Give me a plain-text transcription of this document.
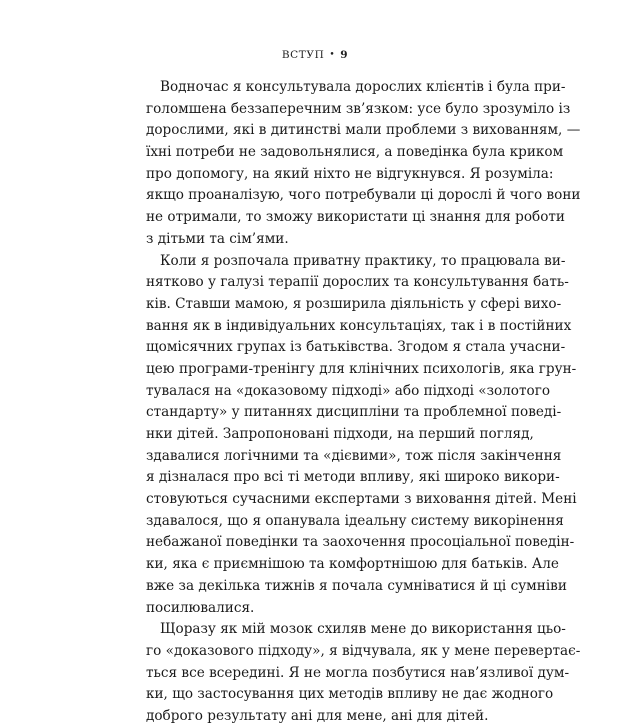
ВСТУП • 9
Водночас я консультувала дорослих клієнтів і була при-
голомшена беззаперечним зв’язком: усе було зрозуміло із
дорослими, які в дитинстві мали проблеми з вихованням, —
їхні потреби не задовольнялися, а поведінка була криком
про допомогу, на який ніхто не відгукнувся. Я розуміла:
якщо проаналізую, чого потребували ці дорослі й чого вони
не отримали, то зможу використати ці знання для роботи
з дітьми та сім’ями.
Коли я розпочала приватну практику, то працювала ви-
нятково у галузі терапії дорослих та консультування бать-
ків. Ставши мамою, я розширила діяльність у сфері вихо-
вання як в індивідуальних консультаціях, так і в постійних
щомісячних групах із батьківства. Згодом я стала учасни-
цею програми-тренінгу для клінічних психологів, яка грун-
тувалася на «доказовому підході» або підході «золотого
стандарту» у питаннях дисципліни та проблемної поведі-
нки дітей. Запропоновані підходи, на перший погляд,
здавалися логічними та «дієвими», тож після закінчення
я дізналася про всі ті методи впливу, які широко викори-
стовуються сучасними експертами з виховання дітей. Мені
здавалося, що я опанувала ідеальну систему викорінення
небажаної поведінки та заохочення просоціальної поведін-
ки, яка є приємнішою та комфортнішою для батьків. Але
вже за декілька тижнів я почала сумніватися й ці сумніви
посилювалися.
Щоразу як мій мозок схиляв мене до використання цьо-
го «доказового підходу», я відчувала, як у мене перевертає-
ться все всередині. Я не могла позбутися нав’язливої дум-
ки, що застосування цих методів впливу не дає жодного
доброго результату ані для мене, ані для дітей.
